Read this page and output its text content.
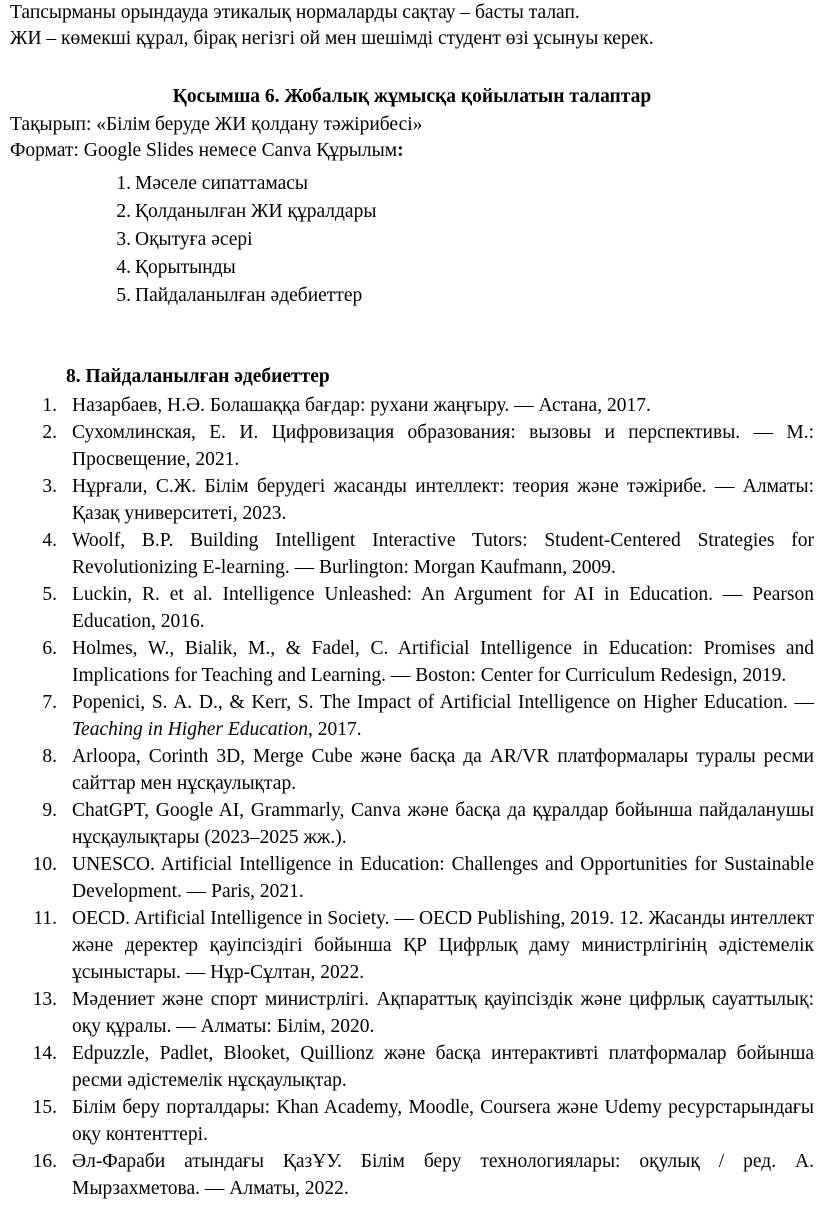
Тапсырманы орындауда этикалық нормаларды сақтау – басты талап.

ЖИ – көмекші құрал, бірақ негізгі ой мен шешімді студент өзі ұсынуы керек.

Қосымша 6. Жобалық жұмысқа қойылатын талаптар

Тақырып: «Білім беруде ЖИ қолдану тәжірибесі»

Формат: Google Slides немесе Canva Құрылым:

1. Мәселе сипаттамасы
2. Қолданылған ЖИ құралдары
3. Оқытуға әсері
4. Қорытынды
5. Пайдаланылған әдебиеттер

8. Пайдаланылған әдебиеттер

1. Назарбаев, Н.Ә. Болашаққа бағдар: рухани жаңғыру. — Астана, 2017.
2. Сухомлинская, Е. И. Цифровизация образования: вызовы и перспективы. — М.: Просвещение, 2021.
3. Нұрғали, С.Ж. Білім берудегі жасанды интеллект: теория және тәжірибе. — Алматы: Қазақ университеті, 2023.
4. Woolf, B.P. Building Intelligent Interactive Tutors: Student-Centered Strategies for Revolutionizing E-learning. — Burlington: Morgan Kaufmann, 2009.
5. Luckin, R. et al. Intelligence Unleashed: An Argument for AI in Education. — Pearson Education, 2016.
6. Holmes, W., Bialik, M., & Fadel, C. Artificial Intelligence in Education: Promises and Implications for Teaching and Learning. — Boston: Center for Curriculum Redesign, 2019.
7. Popenici, S. A. D., & Kerr, S. The Impact of Artificial Intelligence on Higher Education. — Teaching in Higher Education, 2017.
8. Arloopa, Corinth 3D, Merge Cube және басқа да AR/VR платформалары туралы ресми сайттар мен нұсқаулықтар.
9. ChatGPT, Google AI, Grammarly, Canva және басқа да құралдар бойынша пайдаланушы нұсқаулықтары (2023–2025 жж.).
10. UNESCO. Artificial Intelligence in Education: Challenges and Opportunities for Sustainable Development. — Paris, 2021.
11. OECD. Artificial Intelligence in Society. — OECD Publishing, 2019. 12. Жасанды интеллект және деректер қауіпсіздігі бойынша ҚР Цифрлық даму министрлігінің әдістемелік ұсыныстары. — Нұр-Сұлтан, 2022.
13. Мәдениет және спорт министрлігі. Ақпараттық қауіпсіздік және цифрлық сауаттылық: оқу құралы. — Алматы: Білім, 2020.
14. Edpuzzle, Padlet, Blooket, Quillionz және басқа интерактивті платформалар бойынша ресми әдістемелік нұсқаулықтар.
15. Білім беру порталдары: Khan Academy, Moodle, Coursera және Udemy ресурстарындағы оқу контенттері.
16. Әл-Фараби атындағы ҚазҰУ. Білім беру технологиялары: оқулық / ред. А. Мырзахметова. — Алматы, 2022.
